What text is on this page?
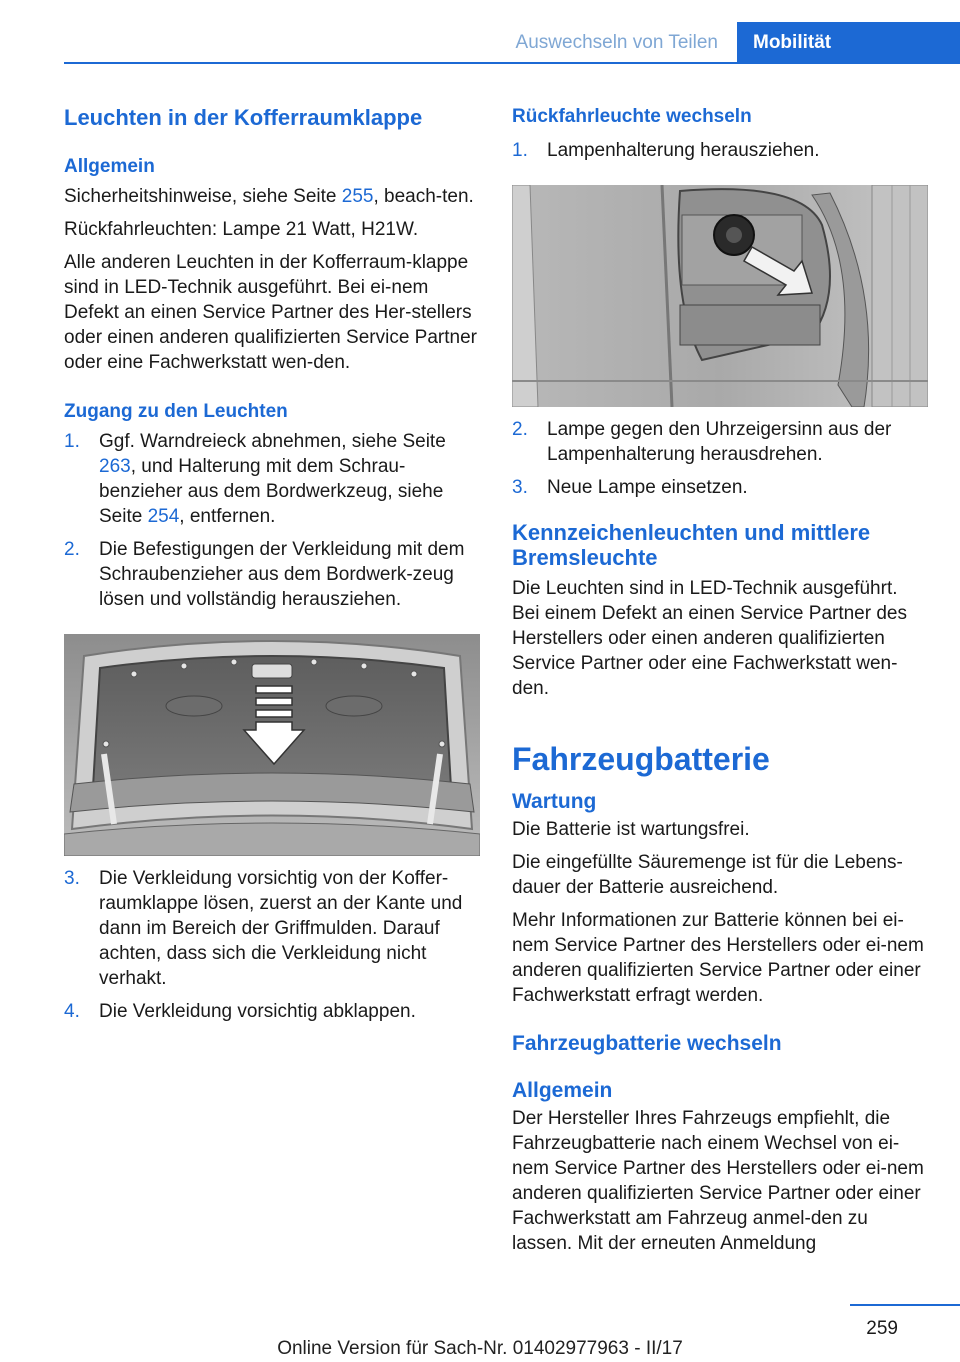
Auswechseln von Teilen	Mobilität
Leuchten in der Kofferraumklappe
Allgemein

Sicherheitshinweise, siehe Seite 255, beach-ten.

Rückfahrleuchten: Lampe 21 Watt, H21W.

Alle anderen Leuchten in der Kofferraum-klappe sind in LED-Technik ausgeführt. Bei ei-nem Defekt an einen Service Partner des Her-stellers oder einen anderen qualifizierten Service Partner oder eine Fachwerkstatt wen-den.

Zugang zu den Leuchten
1. Ggf. Warndreieck abnehmen, siehe Seite 263, und Halterung mit dem Schrau-benzieher aus dem Bordwerkzeug, siehe Seite 254, entfernen.
2. Die Befestigungen der Verkleidung mit dem Schraubenzieher aus dem Bordwerk-zeug lösen und vollständig herausziehen.
3. Die Verkleidung vorsichtig von der Koffer-raumklappe lösen, zuerst an der Kante und dann im Bereich der Griffmulden. Darauf achten, dass sich die Verkleidung nicht verhakt.
4. Die Verkleidung vorsichtig abklappen.
Rückfahrleuchte wechseln
1. Lampenhalterung herausziehen.
2. Lampe gegen den Uhrzeigersinn aus der Lampenhalterung herausdrehen.
3. Neue Lampe einsetzen.
Kennzeichenleuchten und mittlere Bremsleuchte

Die Leuchten sind in LED-Technik ausgeführt. Bei einem Defekt an einen Service Partner des Herstellers oder einen anderen qualifizierten Service Partner oder eine Fachwerkstatt wen-den.

Fahrzeugbatterie
Wartung

Die Batterie ist wartungsfrei.

Die eingefüllte Säuremenge ist für die Lebens-dauer der Batterie ausreichend.

Mehr Informationen zur Batterie können bei ei-nem Service Partner des Herstellers oder ei-nem anderen qualifizierten Service Partner oder einer Fachwerkstatt erfragt werden.

Fahrzeugbatterie wechseln
Allgemein

Der Hersteller Ihres Fahrzeugs empfiehlt, die Fahrzeugbatterie nach einem Wechsel von ei-nem Service Partner des Herstellers oder ei-nem anderen qualifizierten Service Partner oder einer Fachwerkstatt am Fahrzeug anmel-den zu lassen. Mit der erneuten Anmeldung

259
Online Version für Sach-Nr. 01402977963 - II/17
